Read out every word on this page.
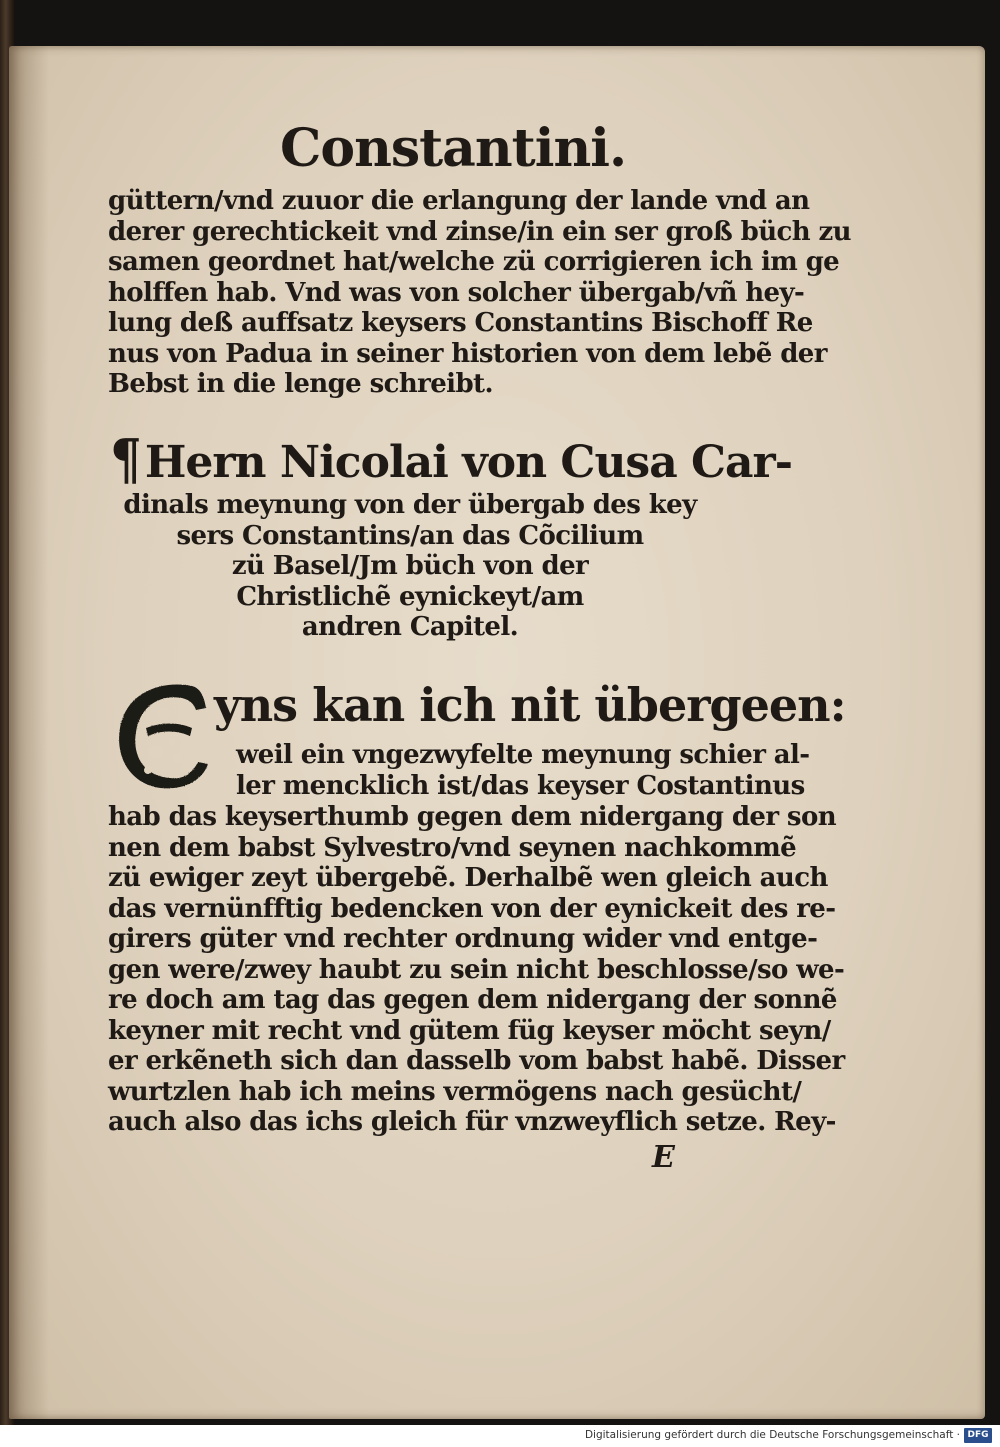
Constantini.
güttern/vnd zuuor die erlangung der lande vnd an
derer gerechtickeit vnd zinse/in ein ser groß büch zu
samen geordnet hat/welche zü corrigieren ich im ge
holffen hab. Vnd was von solcher übergab/vñ hey-
lung deß auffsatz keysers Constantins Bischoff Re
nus von Padua in seiner historien von dem lebẽ der
Bebst in die lenge schreibt.
¶Hern Nicolai von Cusa Car-
dinals meynung von der übergab des key
sers Constantins/an das Cõcilium
zü Basel/Jm büch von der
Christlichẽ eynickeyt/am
andren Capitel.
yns kan ich nit übergeen:
weil ein vngezwyfelte meynung schier al-
ler mencklich ist/das keyser Costantinus
hab das keyserthumb gegen dem nidergang der son
nen dem babst Sylvestro/vnd seynen nachkommẽ
zü ewiger zeyt übergebẽ. Derhalbẽ wen gleich auch
das vernünfftig bedencken von der eynickeit des re-
girers güter vnd rechter ordnung wider vnd entge-
gen were/zwey haubt zu sein nicht beschlosse/so we-
re doch am tag das gegen dem nidergang der sonnẽ
keyner mit recht vnd gütem füg keyser möcht seyn/
er erkẽneth sich dan dasselb vom babst habẽ. Disser
wurtzlen hab ich meins vermögens nach gesücht/
auch also das ichs gleich für vnzweyflich setze. Rey-
E
Digitalisierung gefördert durch die Deutsche Forschungsgemeinschaft · DFG
